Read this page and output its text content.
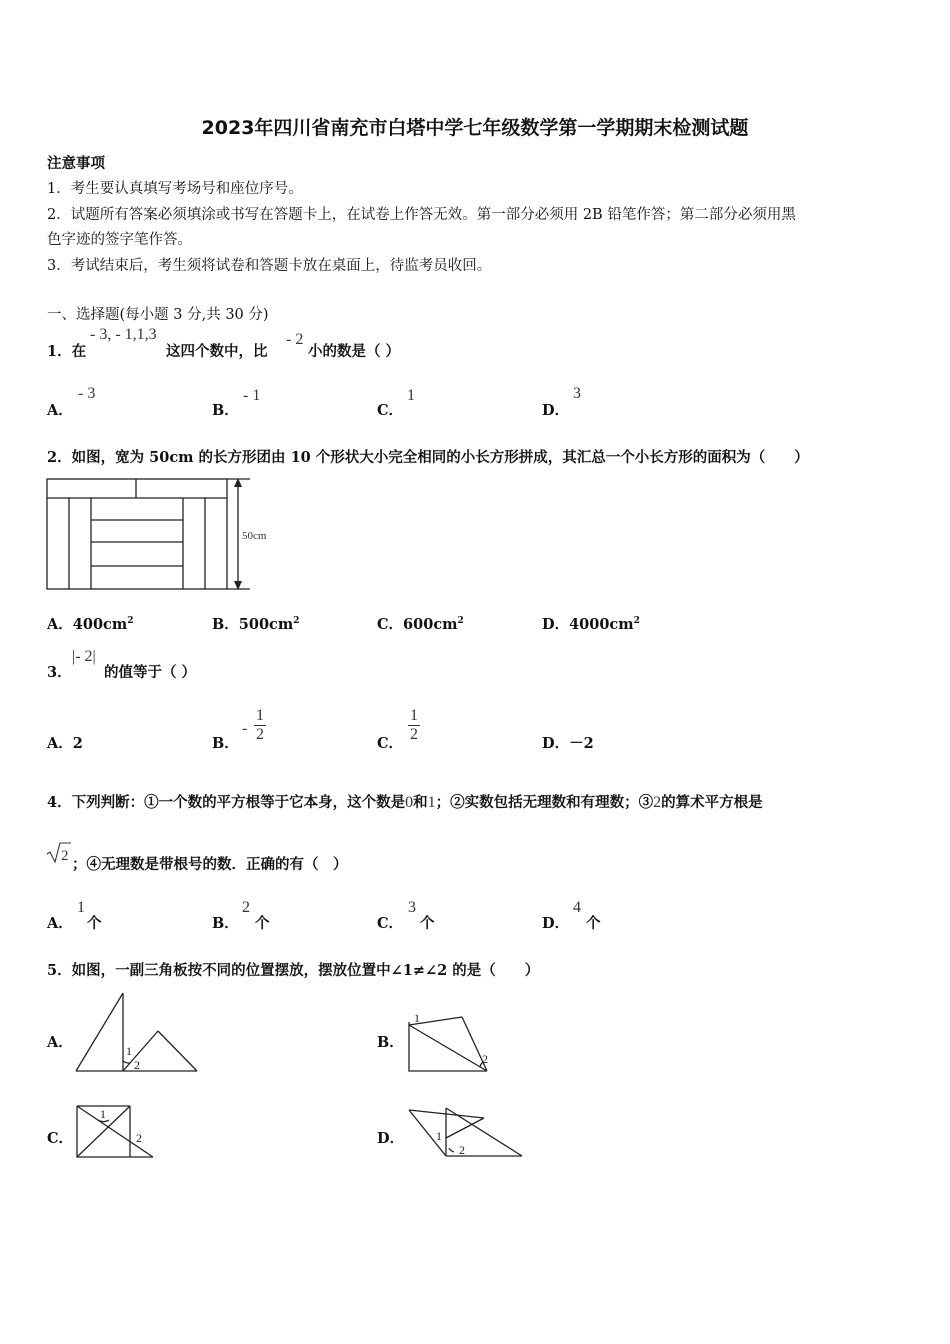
2023年四川省南充市白塔中学七年级数学第一学期期末检测试题
注意事项
1．考生要认真填写考场号和座位序号。
2．试题所有答案必须填涂或书写在答题卡上，在试卷上作答无效。第一部分必须用 2B 铅笔作答；第二部分必须用黑
色字迹的签字笔作答。
3．考试结束后，考生须将试卷和答题卡放在桌面上，待监考员收回。
一、选择题(每小题 3 分,共 30 分)
1．在
- 3, - 1,1,3
这四个数中，比
- 2
小的数是（ ）
A．
- 3
B．
- 1
C．
1
D．
3
2．如图，宽为 50cm 的长方形团由 10 个形状大小完全相同的小长方形拼成，其汇总一个小长方形的面积为（　　）
50cm
A．$400cm^2$	B．$500cm^2$	C．$600cm^2$	D．$4000cm^2$
3．
|- 2|
的值等于（ ）
A．2	B．
-
1
2
C．
1
2
D．－2
4．下列判断：①一个数的平方根等于它本身，这个数是0和1；②实数包括无理数和有理数；③2的算术平方根是
2 ；④无理数是带根号的数．正确的有（　）
A．
1
个	B．
2
个	C．
3
个	D．
4
个
5．如图，一副三角板按不同的位置摆放，摆放位置中∠1≠∠2 的是（　　）
A．	1
2
B．
1
2
C．
1
2	D．	1
2
